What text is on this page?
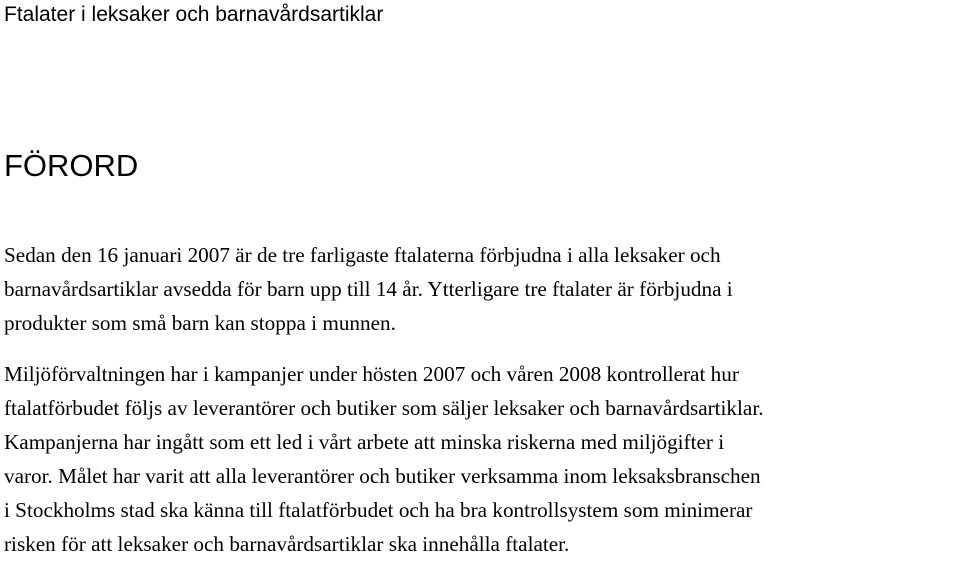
Ftalater i leksaker och barnavårdsartiklar
FÖRORD
Sedan den 16 januari 2007 är de tre farligaste ftalaterna förbjudna i alla leksaker och
barnavårdsartiklar avsedda för barn upp till 14 år. Ytterligare tre ftalater är förbjudna i
produkter som små barn kan stoppa i munnen.
Miljöförvaltningen har i kampanjer under hösten 2007 och våren 2008 kontrollerat hur
ftalatförbudet följs av leverantörer och butiker som säljer leksaker och barnavårdsartiklar.
Kampanjerna har ingått som ett led i vårt arbete att minska riskerna med miljögifter i
varor. Målet har varit att alla leverantörer och butiker verksamma inom leksaksbranschen
i Stockholms stad ska känna till ftalatförbudet och ha bra kontrollsystem som minimerar
risken för att leksaker och barnavårdsartiklar ska innehålla ftalater.
